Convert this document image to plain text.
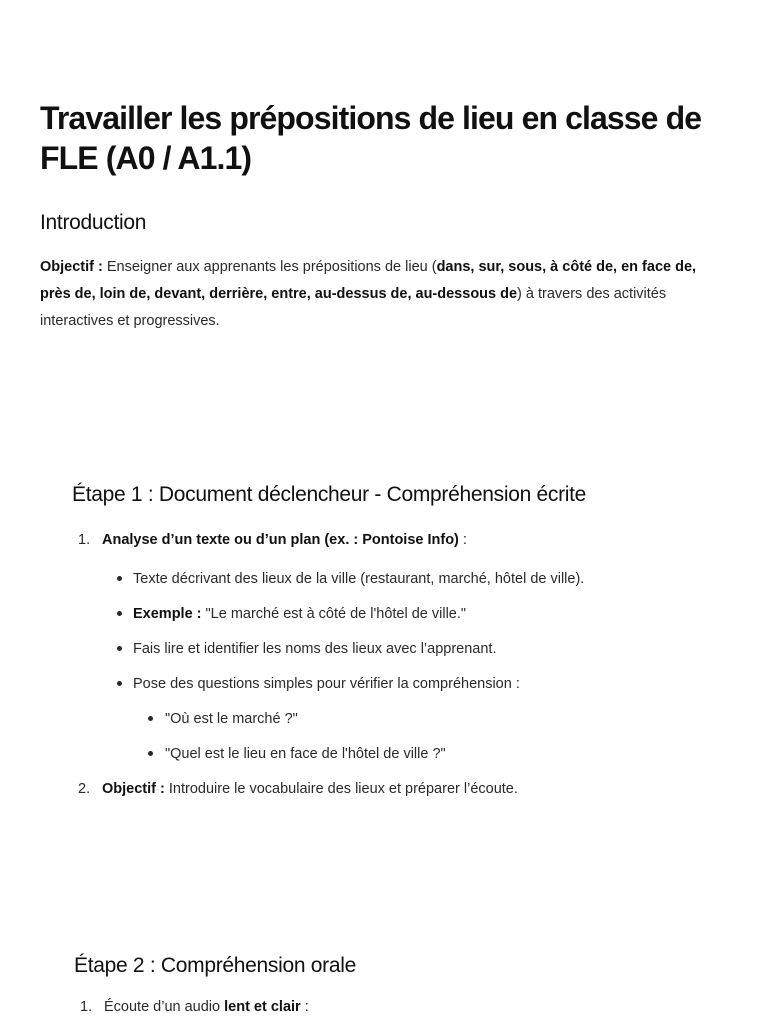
Travailler les prépositions de lieu en classe de FLE (A0 / A1.1)
Introduction

Objectif : Enseigner aux apprenants les prépositions de lieu (dans, sur, sous, à côté de, en face de, près de, loin de, devant, derrière, entre, au-dessus de, au-dessous de) à travers des activités interactives et progressives.

Étape 1 : Document déclencheur - Compréhension écrite
1. Analyse d’un texte ou d’un plan (ex. : Pontoise Info) :
Texte décrivant des lieux de la ville (restaurant, marché, hôtel de ville).
Exemple : "Le marché est à côté de l'hôtel de ville."
Fais lire et identifier les noms des lieux avec l’apprenant.
Pose des questions simples pour vérifier la compréhension :
"Où est le marché ?"
"Quel est le lieu en face de l'hôtel de ville ?"
2. Objectif : Introduire le vocabulaire des lieux et préparer l’écoute.
Étape 2 : Compréhension orale
1. Écoute d’un audio lent et clair :
